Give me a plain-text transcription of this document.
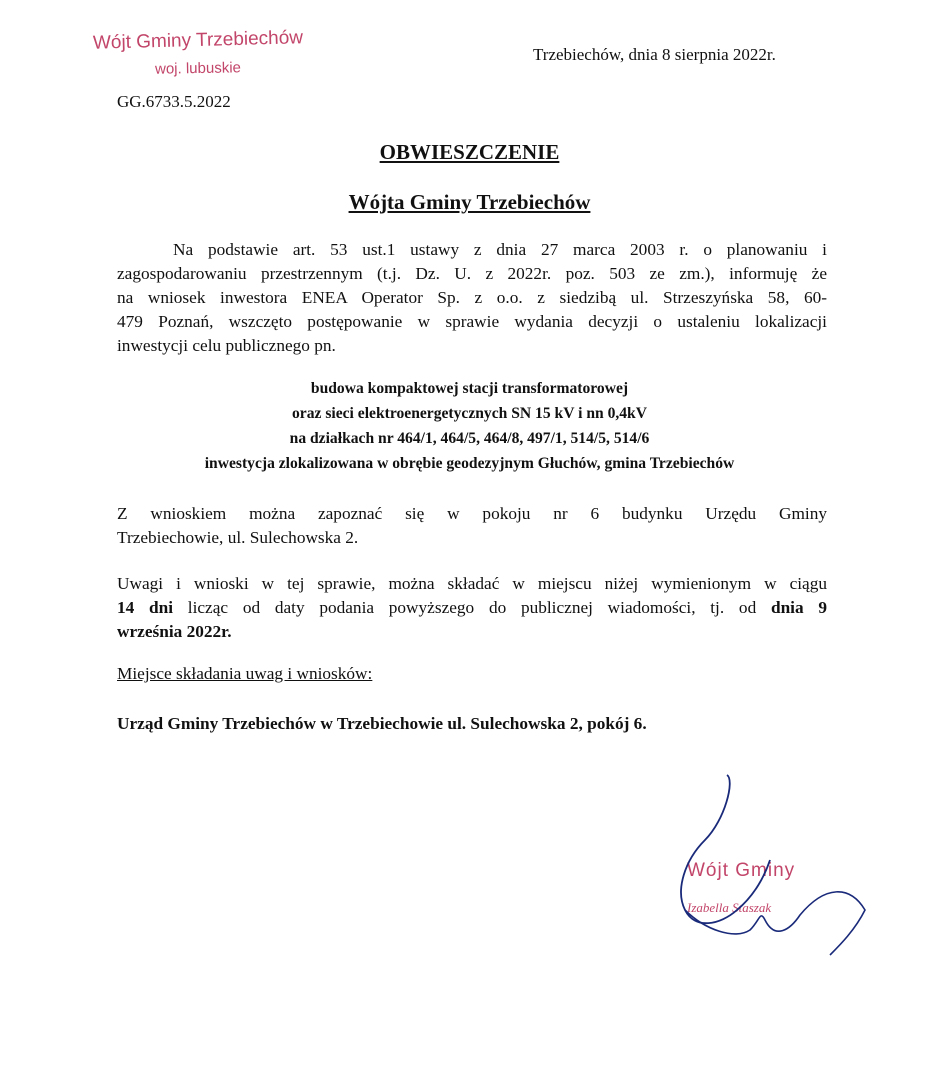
Wójt Gminy Trzebiechów
woj. lubuskie
Trzebiechów, dnia 8 sierpnia 2022r.
GG.6733.5.2022
OBWIESZCZENIE
Wójta Gminy Trzebiechów
Na podstawie art. 53 ust.1 ustawy z dnia 27 marca 2003 r. o planowaniu i
zagospodarowaniu przestrzennym (t.j. Dz. U. z 2022r. poz. 503 ze zm.), informuję że
na wniosek inwestora ENEA Operator Sp. z o.o. z siedzibą ul. Strzeszyńska 58, 60-
479 Poznań, wszczęto postępowanie w sprawie wydania decyzji o ustaleniu lokalizacji
inwestycji celu publicznego pn.
budowa kompaktowej stacji transformatorowej
oraz sieci elektroenergetycznych SN 15 kV i nn 0,4kV
na działkach nr 464/1, 464/5, 464/8, 497/1, 514/5, 514/6
inwestycja zlokalizowana w obrębie geodezyjnym Głuchów, gmina Trzebiechów
Z wnioskiem można zapoznać się w pokoju nr 6 budynku Urzędu Gminy
Trzebiechowie, ul. Sulechowska 2.
Uwagi i wnioski w tej sprawie, można składać w miejscu niżej wymienionym w ciągu
14 dni licząc od daty podania powyższego do publicznej wiadomości, tj. od dnia 9
września 2022r.
Miejsce składania uwag i wniosków:
Urząd Gminy Trzebiechów w Trzebiechowie ul. Sulechowska 2, pokój 6.
Wójt Gminy
Izabella Staszak
